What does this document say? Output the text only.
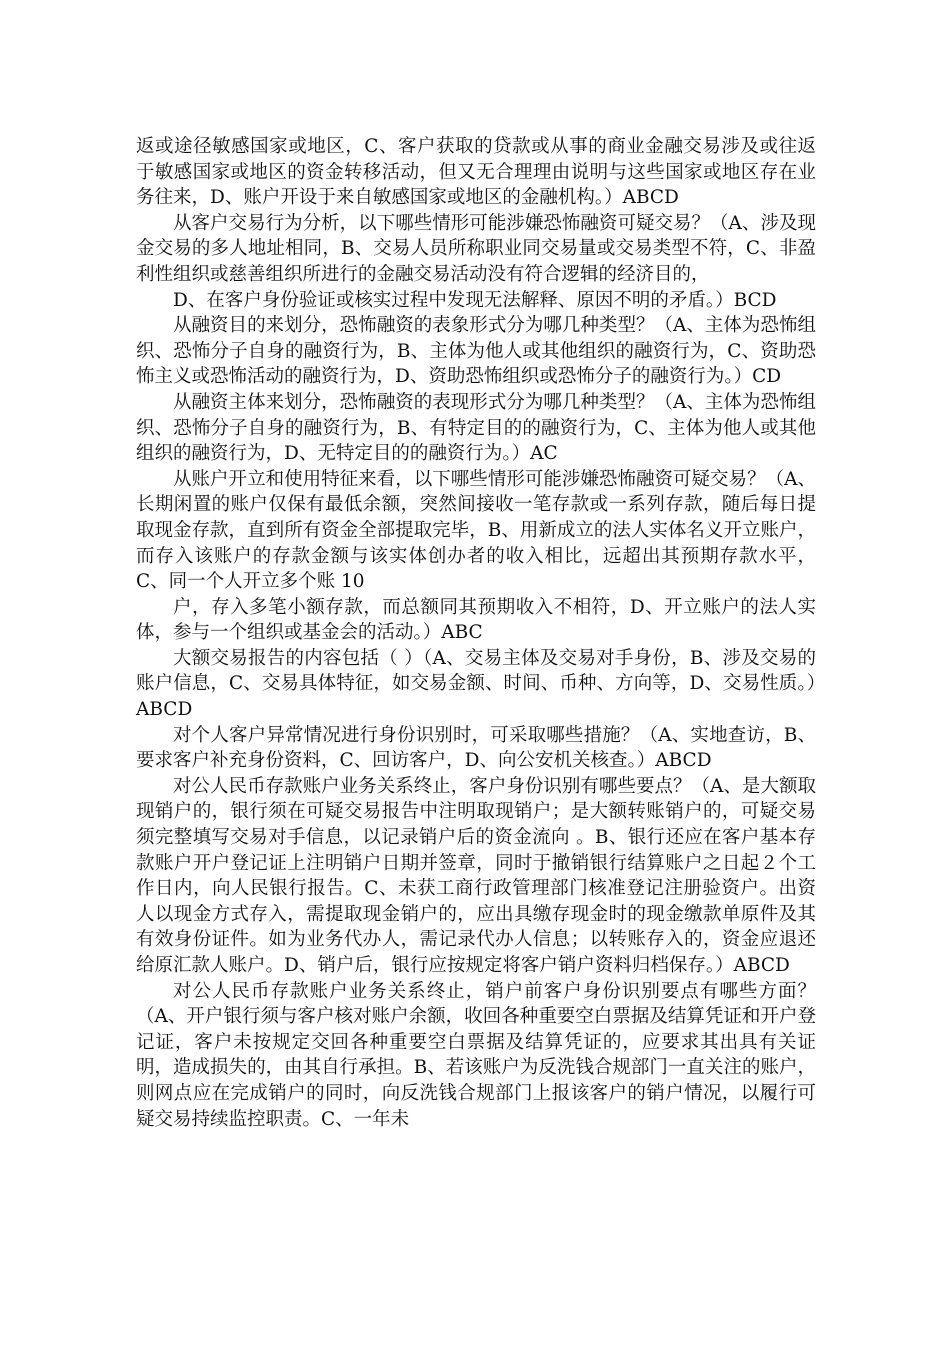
返或途径敏感国家或地区，C、客户获取的贷款或从事的商业金融交易涉及或往返于敏感国家或地区的资金转移活动，但又无合理理由说明与这些国家或地区存在业务往来，D、账户开设于来自敏感国家或地区的金融机构。）ABCD

从客户交易行为分析，以下哪些情形可能涉嫌恐怖融资可疑交易？（A、涉及现金交易的多人地址相同，B、交易人员所称职业同交易量或交易类型不符，C、非盈利性组织或慈善组织所进行的金融交易活动没有符合逻辑的经济目的，

D、在客户身份验证或核实过程中发现无法解释、原因不明的矛盾。）BCD

从融资目的来划分，恐怖融资的表象形式分为哪几种类型？（A、主体为恐怖组织、恐怖分子自身的融资行为，B、主体为他人或其他组织的融资行为，C、资助恐怖主义或恐怖活动的融资行为，D、资助恐怖组织或恐怖分子的融资行为。）CD

从融资主体来划分，恐怖融资的表现形式分为哪几种类型？（A、主体为恐怖组织、恐怖分子自身的融资行为，B、有特定目的的融资行为，C、主体为他人或其他组织的融资行为，D、无特定目的的融资行为。）AC

从账户开立和使用特征来看，以下哪些情形可能涉嫌恐怖融资可疑交易？（A、长期闲置的账户仅保有最低余额，突然间接收一笔存款或一系列存款，随后每日提取现金存款，直到所有资金全部提取完毕，B、用新成立的法人实体名义开立账户，而存入该账户的存款金额与该实体创办者的收入相比，远超出其预期存款水平，C、同一个人开立多个账 10

户，存入多笔小额存款，而总额同其预期收入不相符，D、开立账户的法人实体，参与一个组织或基金会的活动。）ABC

大额交易报告的内容包括（ ）（A、交易主体及交易对手身份，B、涉及交易的账户信息，C、交易具体特征，如交易金额、时间、币种、方向等，D、交易性质。）ABCD

对个人客户异常情况进行身份识别时，可采取哪些措施？（A、实地查访，B、要求客户补充身份资料，C、回访客户，D、向公安机关核查。）ABCD

对公人民币存款账户业务关系终止，客户身份识别有哪些要点？（A、是大额取现销户的，银行须在可疑交易报告中注明取现销户；是大额转账销户的，可疑交易须完整填写交易对手信息，以记录销户后的资金流向 。B、银行还应在客户基本存款账户开户登记证上注明销户日期并签章，同时于撤销银行结算账户之日起２个工作日内，向人民银行报告。C、未获工商行政管理部门核准登记注册验资户。出资人以现金方式存入，需提取现金销户的，应出具缴存现金时的现金缴款单原件及其有效身份证件。如为业务代办人，需记录代办人信息；以转账存入的，资金应退还给原汇款人账户。D、销户后，银行应按规定将客户销户资料归档保存。）ABCD

对公人民币存款账户业务关系终止，销户前客户身份识别要点有哪些方面？（A、开户银行须与客户核对账户余额，收回各种重要空白票据及结算凭证和开户登记证，客户未按规定交回各种重要空白票据及结算凭证的，应要求其出具有关证明，造成损失的，由其自行承担。B、若该账户为反洗钱合规部门一直关注的账户，则网点应在完成销户的同时，向反洗钱合规部门上报该客户的销户情况，以履行可疑交易持续监控职责。C、一年未
